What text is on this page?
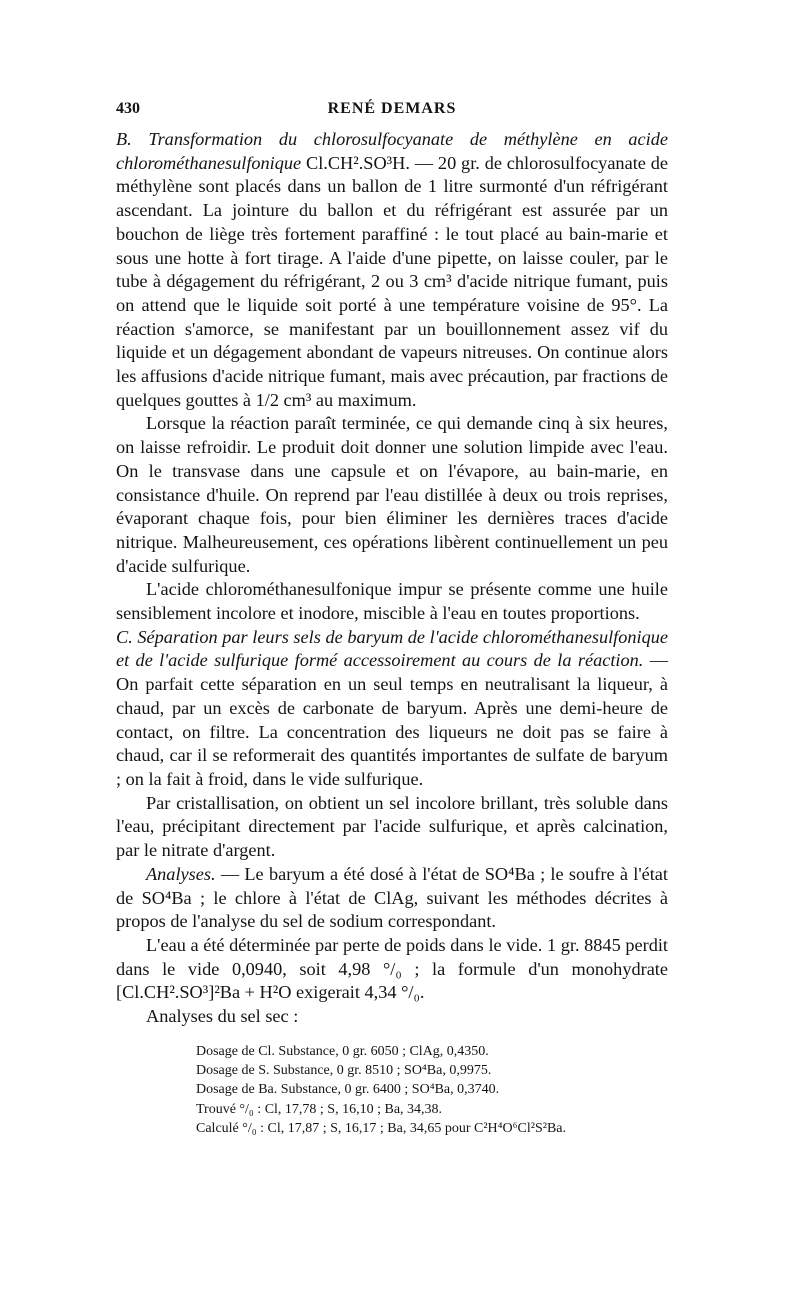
430	RENÉ DEMARS

B. Transformation du chlorosulfocyanate de méthylène en acide chlorométhanesulfonique Cl.CH².SO³H. — 20 gr. de chlorosulfocyanate de méthylène sont placés dans un ballon de 1 litre surmonté d'un réfrigérant ascendant. La jointure du ballon et du réfrigérant est assurée par un bouchon de liège très fortement paraffiné : le tout placé au bain-marie et sous une hotte à fort tirage. A l'aide d'une pipette, on laisse couler, par le tube à dégagement du réfrigérant, 2 ou 3 cm³ d'acide nitrique fumant, puis on attend que le liquide soit porté à une température voisine de 95°. La réaction s'amorce, se manifestant par un bouillonnement assez vif du liquide et un dégagement abondant de vapeurs nitreuses. On continue alors les affusions d'acide nitrique fumant, mais avec précaution, par fractions de quelques gouttes à 1/2 cm³ au maximum.

Lorsque la réaction paraît terminée, ce qui demande cinq à six heures, on laisse refroidir. Le produit doit donner une solution limpide avec l'eau. On le transvase dans une capsule et on l'évapore, au bain-marie, en consistance d'huile. On reprend par l'eau distillée à deux ou trois reprises, évaporant chaque fois, pour bien éliminer les dernières traces d'acide nitrique. Malheureusement, ces opérations libèrent continuellement un peu d'acide sulfurique.

L'acide chlorométhanesulfonique impur se présente comme une huile sensiblement incolore et inodore, miscible à l'eau en toutes proportions.

C. Séparation par leurs sels de baryum de l'acide chlorométhanesulfonique et de l'acide sulfurique formé accessoirement au cours de la réaction. — On parfait cette séparation en un seul temps en neutralisant la liqueur, à chaud, par un excès de carbonate de baryum. Après une demi-heure de contact, on filtre. La concentration des liqueurs ne doit pas se faire à chaud, car il se reformerait des quantités importantes de sulfate de baryum ; on la fait à froid, dans le vide sulfurique.

Par cristallisation, on obtient un sel incolore brillant, très soluble dans l'eau, précipitant directement par l'acide sulfurique, et après calcination, par le nitrate d'argent.

Analyses. — Le baryum a été dosé à l'état de SO⁴Ba ; le soufre à l'état de SO⁴Ba ; le chlore à l'état de ClAg, suivant les méthodes décrites à propos de l'analyse du sel de sodium correspondant.

L'eau a été déterminée par perte de poids dans le vide. 1 gr. 8845 perdit dans le vide 0,0940, soit 4,98 °/₀ ; la formule d'un monohydrate [Cl.CH².SO³]²Ba + H²O exigerait 4,34 °/₀.

Analyses du sel sec :

Dosage de Cl. Substance, 0 gr. 6050 ; ClAg, 0,4350.
Dosage de S. Substance, 0 gr. 8510 ; SO⁴Ba, 0,9975.
Dosage de Ba. Substance, 0 gr. 6400 ; SO⁴Ba, 0,3740.
Trouvé °/₀ : Cl, 17,78 ; S, 16,10 ; Ba, 34,38.
Calculé °/₀ : Cl, 17,87 ; S, 16,17 ; Ba, 34,65 pour C²H⁴O⁶Cl²S²Ba.
